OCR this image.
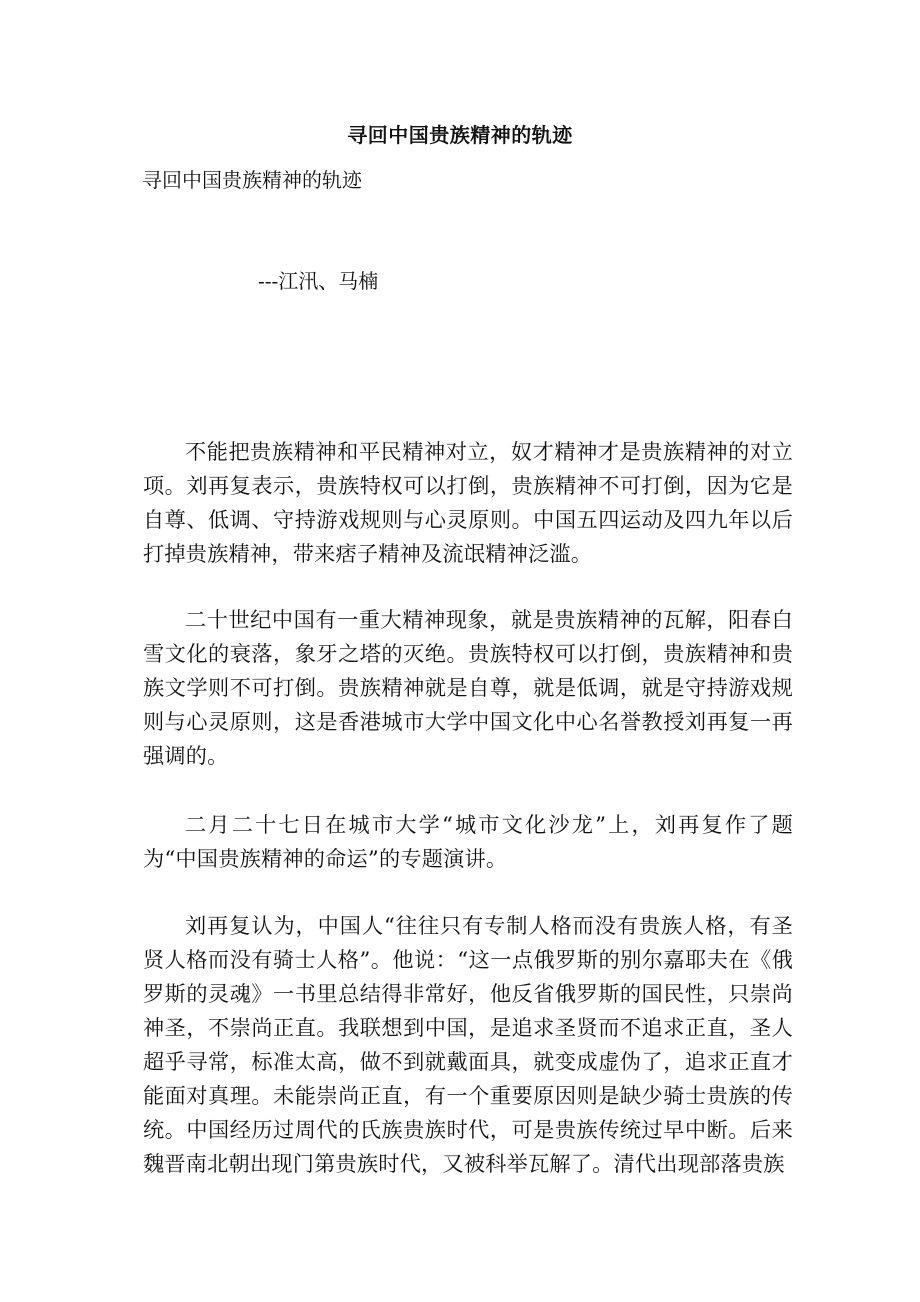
寻回中国贵族精神的轨迹

寻回中国贵族精神的轨迹

---江汛、马楠

不能把贵族精神和平民精神对立，奴才精神才是贵族精神的对立项。刘再复表示，贵族特权可以打倒，贵族精神不可打倒，因为它是自尊、低调、守持游戏规则与心灵原则。中国五四运动及四九年以后打掉贵族精神，带来痞子精神及流氓精神泛滥。

二十世纪中国有一重大精神现象，就是贵族精神的瓦解，阳春白雪文化的衰落，象牙之塔的灭绝。贵族特权可以打倒，贵族精神和贵族文学则不可打倒。贵族精神就是自尊，就是低调，就是守持游戏规则与心灵原则，这是香港城市大学中国文化中心名誉教授刘再复一再强调的。

二月二十七日在城市大学“城市文化沙龙”上，刘再复作了题为“中国贵族精神的命运”的专题演讲。

刘再复认为，中国人“往往只有专制人格而没有贵族人格，有圣贤人格而没有骑士人格”。他说：“这一点俄罗斯的别尔嘉耶夫在《俄罗斯的灵魂》一书里总结得非常好，他反省俄罗斯的国民性，只崇尚神圣，不崇尚正直。我联想到中国，是追求圣贤而不追求正直，圣人超乎寻常，标准太高，做不到就戴面具，就变成虚伪了，追求正直才能面对真理。未能崇尚正直，有一个重要原因则是缺少骑士贵族的传统。中国经历过周代的氏族贵族时代，可是贵族传统过早中断。后来魏晋南北朝出现门第贵族时代，又被科举瓦解了。清代出现部落贵族
